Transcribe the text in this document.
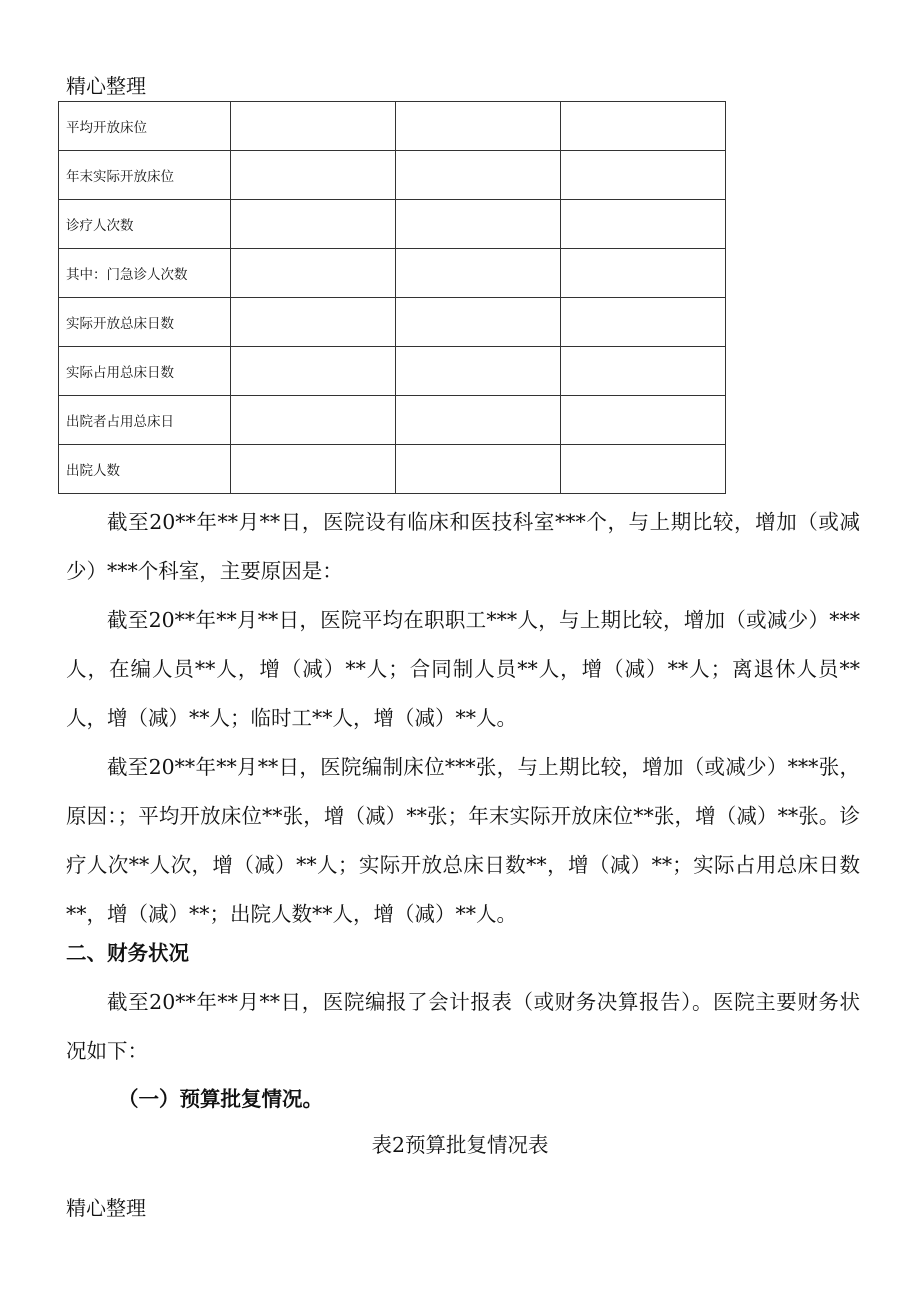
精心整理
平均开放床位			
年末实际开放床位			
诊疗人次数			
其中：门急诊人次数			
实际开放总床日数			
实际占用总床日数			
出院者占用总床日			
出院人数			

截至20**年**月**日，医院设有临床和医技科室***个，与上期比较，增加（或减少）***个科室，主要原因是：

截至20**年**月**日，医院平均在职职工***人，与上期比较，增加（或减少）***人，在编人员**人，增（减）**人；合同制人员**人，增（减）**人；离退休人员**人，增（减）**人；临时工**人，增（减）**人。

截至20**年**月**日，医院编制床位***张，与上期比较，增加（或减少）***张，原因：；平均开放床位**张，增（减）**张；年末实际开放床位**张，增（减）**张。诊疗人次**人次，增（减）**人；实际开放总床日数**，增（减）**；实际占用总床日数**，增（减）**；出院人数**人，增（减）**人。

二、财务状况

截至20**年**月**日，医院编报了会计报表（或财务决算报告）。医院主要财务状况如下：

（一）预算批复情况。
表2预算批复情况表
精心整理
